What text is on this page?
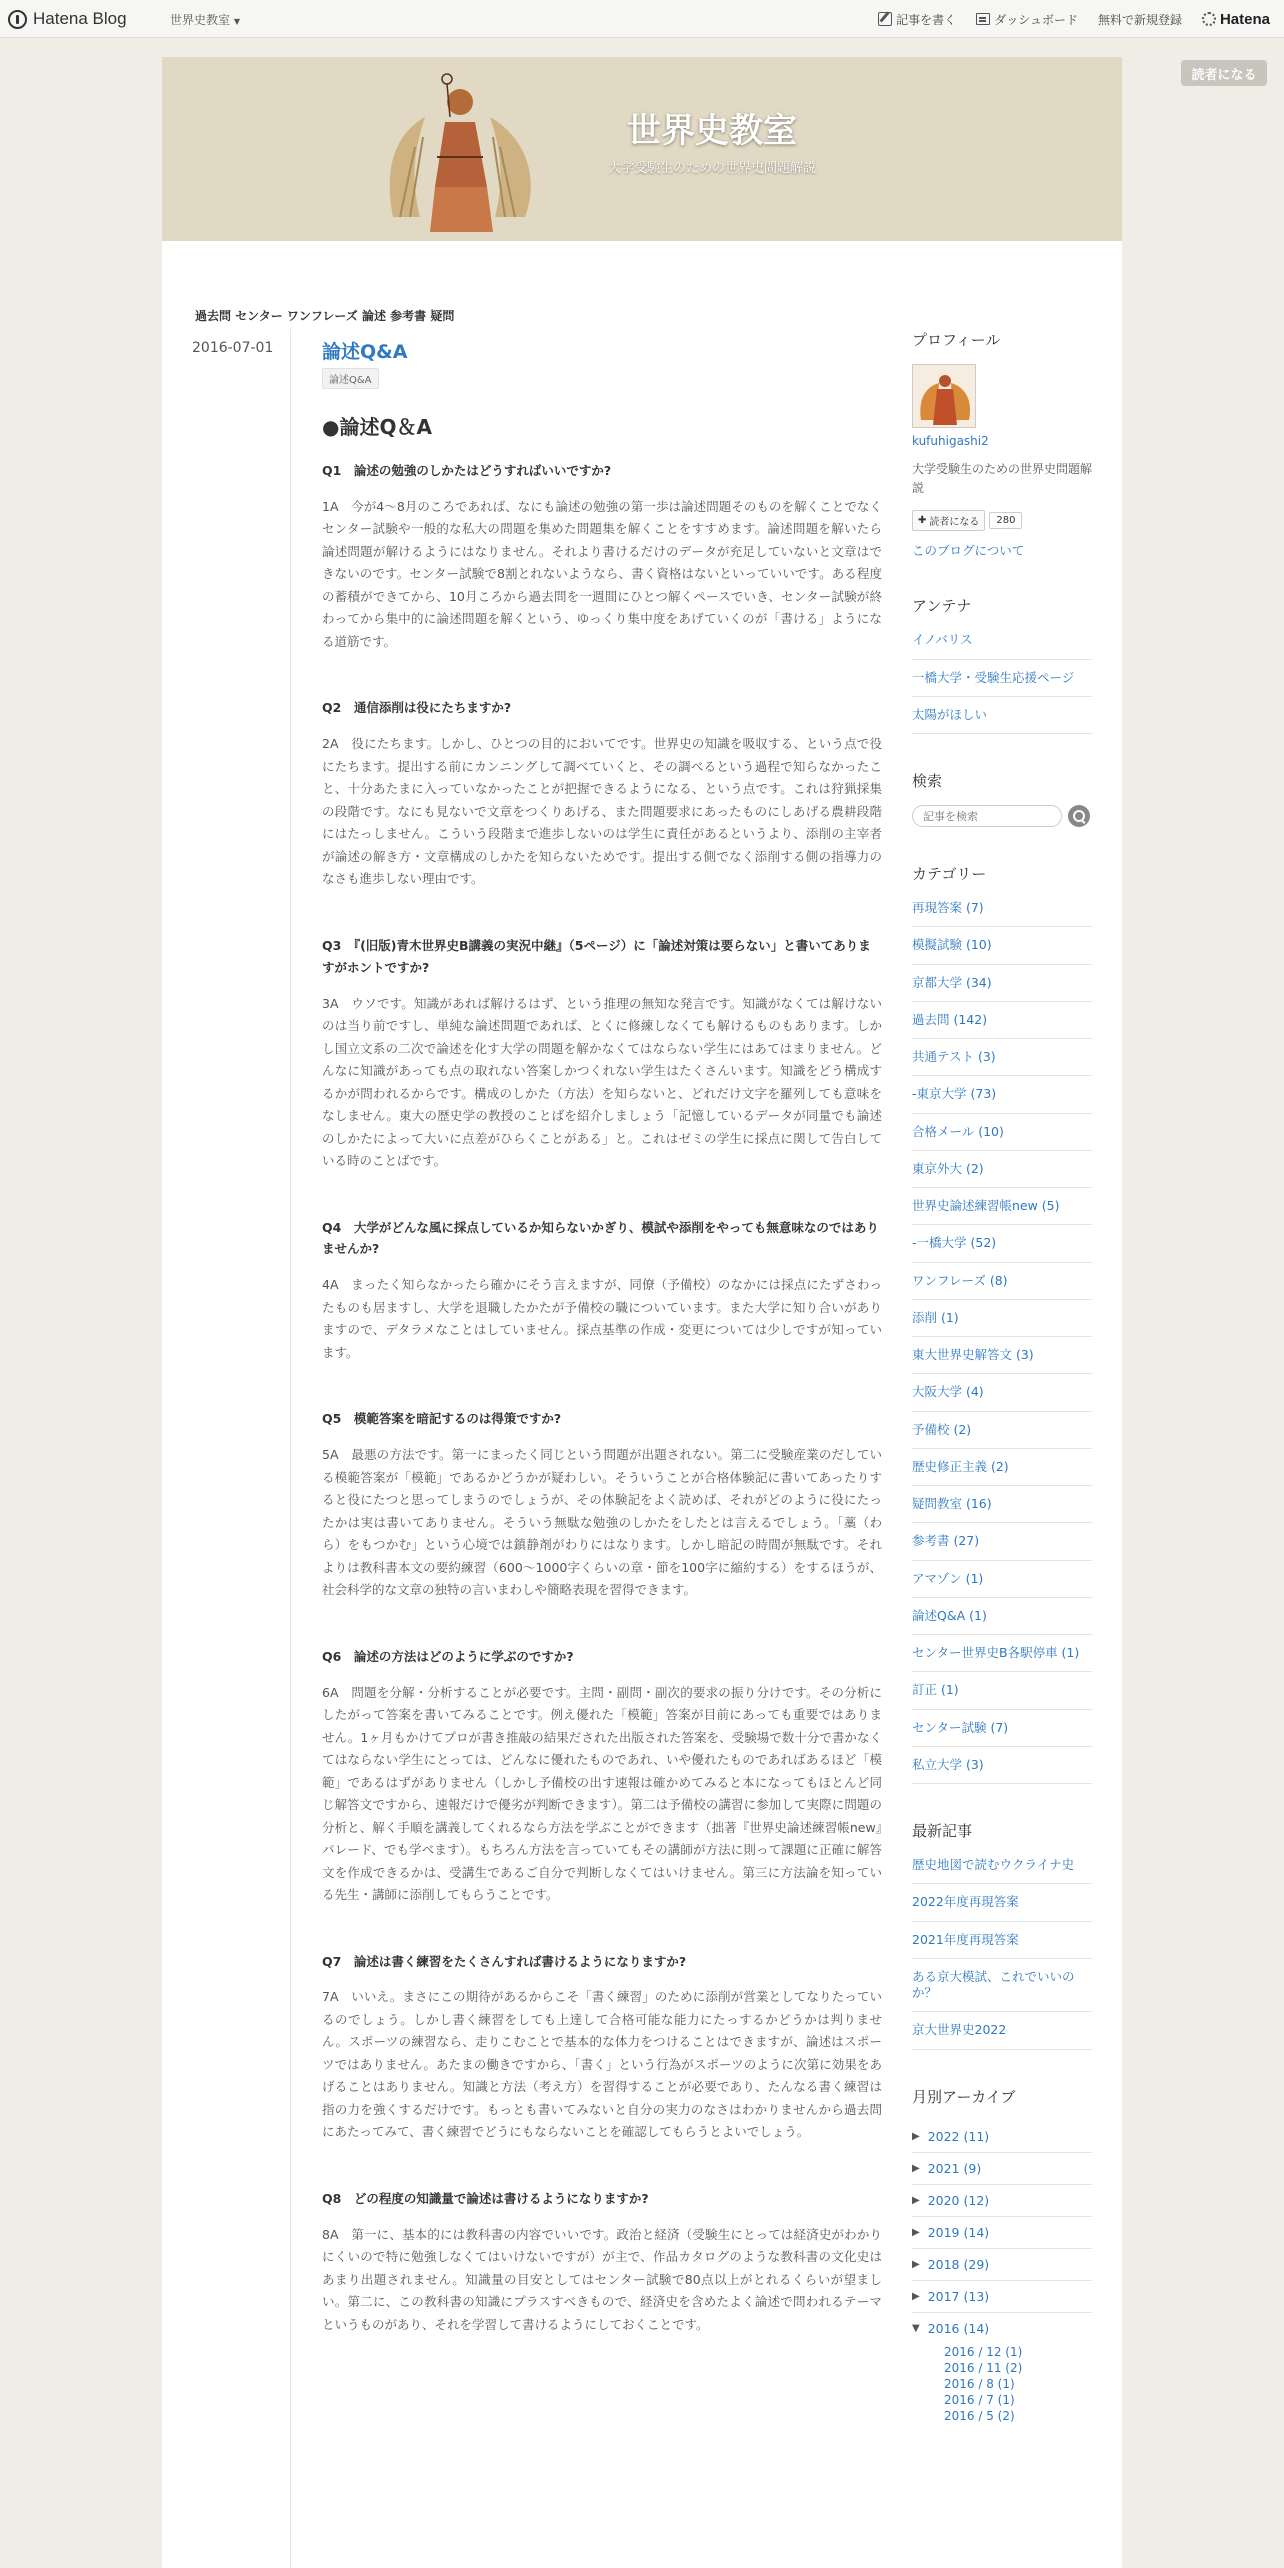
Hatena Blog	世界史教室 ▼	記事を書く	ダッシュボード 無料で新規登録	Hatena
読者になる
世界史教室
大学受験生のための世界史問題解説
過去問 センター ワンフレーズ 論述 参考書 疑問
2016-07-01	論述Q&A
論述Q&A
●論述Q＆A
Q1　論述の勉強のしかたはどうすればいいですか?
1A　今が4〜8月のころであれば、なにも論述の勉強の第一歩は論述問題そのものを解くことでなくセンター試験や一般的な私大の問題を集めた問題集を解くことをすすめます。論述問題を解いたら論述問題が解けるようにはなりません。それより書けるだけのデータが充足していないと文章はできないのです。センター試験で8割とれないようなら、書く資格はないといっていいです。ある程度の蓄積ができてから、10月ころから過去問を一週間にひとつ解くペースでいき、センター試験が終わってから集中的に論述問題を解くという、ゆっくり集中度をあげていくのが「書ける」ようになる道筋です。
Q2　通信添削は役にたちますか?
2A　役にたちます。しかし、ひとつの目的においてです。世界史の知識を吸収する、という点で役にたちます。提出する前にカンニングして調べていくと、その調べるという過程で知らなかったこと、十分あたまに入っていなかったことが把握できるようになる、という点です。これは狩猟採集の段階です。なにも見ないで文章をつくりあげる、また問題要求にあったものにしあげる農耕段階にはたっしません。こういう段階まで進歩しないのは学生に責任があるというより、添削の主宰者が論述の解き方・文章構成のしかたを知らないためです。提出する側でなく添削する側の指導力のなさも進歩しない理由です。
Q3　『(旧版)青木世界史B講義の実況中継』（5ページ）に「論述対策は要らない」と書いてありますがホントですか?
3A　ウソです。知識があれば解けるはず、という推理の無知な発言です。知識がなくては解けないのは当り前ですし、単純な論述問題であれば、とくに修練しなくても解けるものもあります。しかし国立文系の二次で論述を化す大学の問題を解かなくてはならない学生にはあてはまりません。どんなに知識があっても点の取れない答案しかつくれない学生はたくさんいます。知識をどう構成するかが問われるからです。構成のしかた（方法）を知らないと、どれだけ文字を羅列しても意味をなしません。東大の歴史学の教授のことばを紹介しましょう「記憶しているデータが同量でも論述のしかたによって大いに点差がひらくことがある」と。これはゼミの学生に採点に関して告白している時のことばです。
Q4　大学がどんな風に採点しているか知らないかぎり、模試や添削をやっても無意味なのではありませんか?
4A　まったく知らなかったら確かにそう言えますが、同僚（予備校）のなかには採点にたずさわったものも居ますし、大学を退職したかたが予備校の職についています。また大学に知り合いがありますので、デタラメなことはしていません。採点基準の作成・変更については少しですが知っています。
Q5　模範答案を暗記するのは得策ですか?
5A　最悪の方法です。第一にまったく同じという問題が出題されない。第二に受験産業のだしている模範答案が「模範」であるかどうかが疑わしい。そういうことが合格体験記に書いてあったりすると役にたつと思ってしまうのでしょうが、その体験記をよく読めば、それがどのように役にたったかは実は書いてありません。そういう無駄な勉強のしかたをしたとは言えるでしょう。「藁（わら）をもつかむ」という心境では鎮静剤がわりにはなります。しかし暗記の時間が無駄です。それよりは教科書本文の要約練習（600〜1000字くらいの章・節を100字に縮約する）をするほうが、社会科学的な文章の独特の言いまわしや簡略表現を習得できます。
Q6　論述の方法はどのように学ぶのですか?
6A　問題を分解・分析することが必要です。主問・副問・副次的要求の振り分けです。その分析にしたがって答案を書いてみることです。例え優れた「模範」答案が目前にあっても重要ではありません。1ヶ月もかけてプロが書き推敲の結果だされた出版された答案を、受験場で数十分で書かなくてはならない学生にとっては、どんなに優れたものであれ、いや優れたものであればあるほど「模範」であるはずがありません（しかし予備校の出す速報は確かめてみると本になってもほとんど同じ解答文ですから、速報だけで優劣が判断できます）。第二は予備校の講習に参加して実際に問題の分析と、解く手順を講義してくれるなら方法を学ぶことができます（拙著『世界史論述練習帳new』パレード、でも学べます）。もちろん方法を言っていてもその講師が方法に則って課題に正確に解答文を作成できるかは、受講生であるご自分で判断しなくてはいけません。第三に方法論を知っている先生・講師に添削してもらうことです。
Q7　論述は書く練習をたくさんすれば書けるようになりますか?
7A　いいえ。まさにこの期待があるからこそ「書く練習」のために添削が営業としてなりたっているのでしょう。しかし書く練習をしても上達して合格可能な能力にたっするかどうかは判りません。スポーツの練習なら、走りこむことで基本的な体力をつけることはできますが、論述はスポーツではありません。あたまの働きですから、「書く」という行為がスポーツのように次第に効果をあげることはありません。知識と方法（考え方）を習得することが必要であり、たんなる書く練習は指の力を強くするだけです。もっとも書いてみないと自分の実力のなさはわかりませんから過去問にあたってみて、書く練習でどうにもならないことを確認してもらうとよいでしょう。
Q8　どの程度の知識量で論述は書けるようになりますか?
8A　第一に、基本的には教科書の内容でいいです。政治と経済（受験生にとっては経済史がわかりにくいので特に勉強しなくてはいけないですが）が主で、作品カタログのような教科書の文化史はあまり出題されません。知識量の目安としてはセンター試験で80点以上がとれるくらいが望ましい。第二に、この教科書の知識にプラスすべきもので、経済史を含めたよく論述で問われるテーマというものがあり、それを学習して書けるようにしておくことです。
プロフィール
kufuhigashi2
大学受験生のための世界史問題解説
✚ 読者になる 280
このブログについて
アンテナ
イノバリス
一橋大学・受験生応援ページ
太陽がほしい
検索
記事を検索
カテゴリー
再現答案 (7)
模擬試験 (10)
京都大学 (34)
過去問 (142)
共通テスト (3)
-東京大学 (73)
合格メール (10)
東京外大 (2)
世界史論述練習帳new (5)
-一橋大学 (52)
ワンフレーズ (8)
添削 (1)
東大世界史解答文 (3)
大阪大学 (4)
予備校 (2)
歴史修正主義 (2)
疑問教室 (16)
参考書 (27)
アマゾン (1)
論述Q&A (1)
センター世界史B各駅停車 (1)
訂正 (1)
センター試験 (7)
私立大学 (3)
最新記事
歴史地図で読むウクライナ史
2022年度再現答案
2021年度再現答案
ある京大模試、これでいいのか？
京大世界史2022
月別アーカイブ
▶ 2022 (11)
▶ 2021 (9)
▶ 2020 (12)
▶ 2019 (14)
▶ 2018 (29)
▶ 2017 (13)
▼ 2016 (14)
2016 / 12 (1)
2016 / 11 (2)
2016 / 8 (1)
2016 / 7 (1)
2016 / 5 (2)
